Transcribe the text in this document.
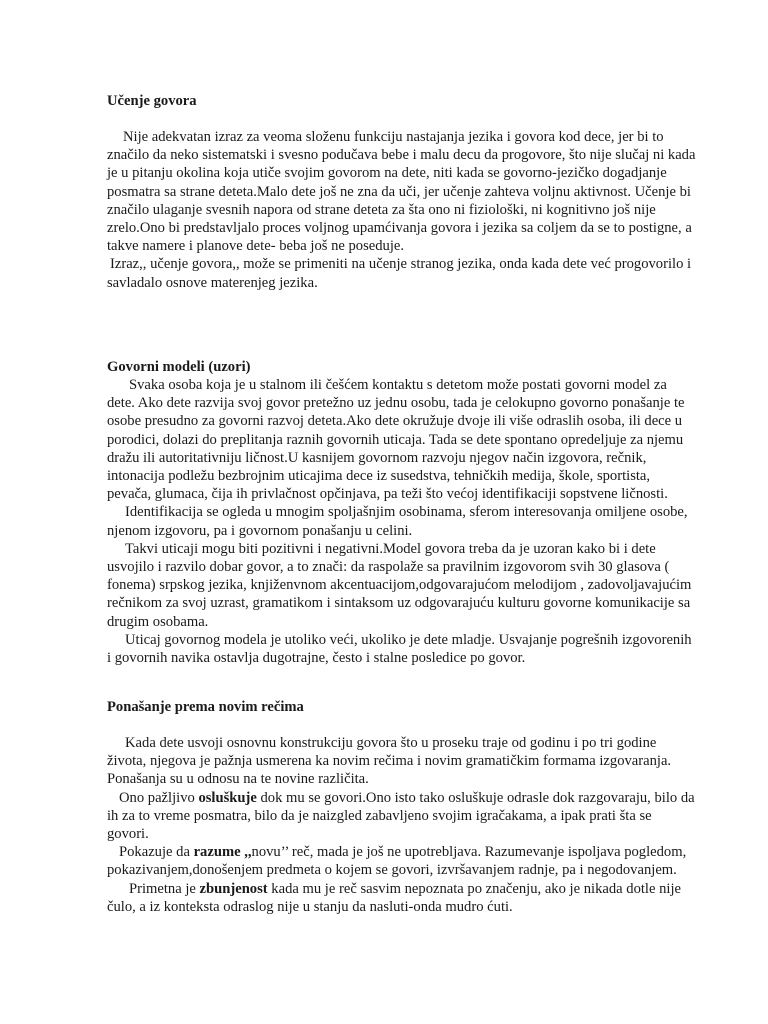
Učenje govora

Nije adekvatan izraz za veoma složenu funkciju nastajanja jezika i govora kod dece, jer bi to značilo da neko sistematski i svesno podučava bebe i malu decu da progovore, što nije slučaj ni kada je u pitanju okolina koja utiče svojim govorom na dete, niti kada se govorno-jezičko dogadjanje posmatra sa strane deteta.Malo dete još ne zna da uči, jer učenje zahteva voljnu aktivnost. Učenje bi značilo ulaganje svesnih napora od strane deteta za šta ono ni fiziološki, ni kognitivno još nije zrelo.Ono bi predstavljalo proces voljnog upamćivanja govora i jezika sa coljem da se to postigne, a takve namere i planove dete- beba još ne poseduje.

Izraz,, učenje govora,, može se primeniti na učenje stranog jezika, onda kada dete već progovorilo i savladalo osnove materenjeg jezika.

Govorni modeli (uzori)

Svaka osoba koja je u stalnom ili češćem kontaktu s detetom može postati govorni model za dete. Ako dete razvija svoj govor pretežno uz jednu osobu, tada je celokupno govorno ponašanje te osobe presudno za govorni razvoj deteta.Ako dete okružuje dvoje ili više odraslih osoba, ili dece u porodici, dolazi do preplitanja raznih govornih uticaja. Tada se dete spontano opredeljuje za njemu dražu ili autoritativniju ličnost.U kasnijem govornom razvoju njegov način izgovora, rečnik, intonacija podležu bezbrojnim uticajima dece iz susedstva, tehničkih medija, škole, sportista, pevača, glumaca, čija ih privlačnost opčinjava, pa teži što većoj identifikaciji sopstvene ličnosti.

Identifikacija se ogleda u mnogim spoljašnjim osobinama, sferom interesovanja omiljene osobe, njenom izgovoru, pa i govornom ponašanju u celini.

Takvi uticaji mogu biti pozitivni i negativni.Model govora treba da je uzoran kako bi i dete usvojilo i razvilo dobar govor, a to znači: da raspolaže sa pravilnim izgovorom svih 30 glasova ( fonema) srpskog jezika, knjiženvnom akcentuacijom,odgovarajućom melodijom , zadovoljavajućim rečnikom za svoj uzrast, gramatikom i sintaksom uz odgovarajuću kulturu govorne komunikacije sa drugim osobama.

Uticaj govornog modela je utoliko veći, ukoliko je dete mladje. Usvajanje pogrešnih izgovorenih i govornih navika ostavlja dugotrajne, često i stalne posledice po govor.

Ponašanje prema novim rečima

Kada dete usvoji osnovnu konstrukciju govora što u proseku traje od godinu i po tri godine života, njegova je pažnja usmerena ka novim rečima i novim gramatičkim formama izgovaranja. Ponašanja su u odnosu na te novine različita.

Ono pažljivo osluškuje dok mu se govori.Ono isto tako osluškuje odrasle dok razgovaraju, bilo da ih za to vreme posmatra, bilo da je naizgled zabavljeno svojim igračakama, a ipak prati šta se govori.

Pokazuje da razume ,,novu’’ reč, mada je još ne upotrebljava. Razumevanje ispoljava pogledom, pokazivanjem,donošenjem predmeta o kojem se govori, izvršavanjem radnje, pa i negodovanjem.

Primetna je zbunjenost kada mu je reč sasvim nepoznata po značenju, ako je nikada dotle nije čulo, a iz konteksta odraslog nije u stanju da nasluti-onda mudro ćuti.
